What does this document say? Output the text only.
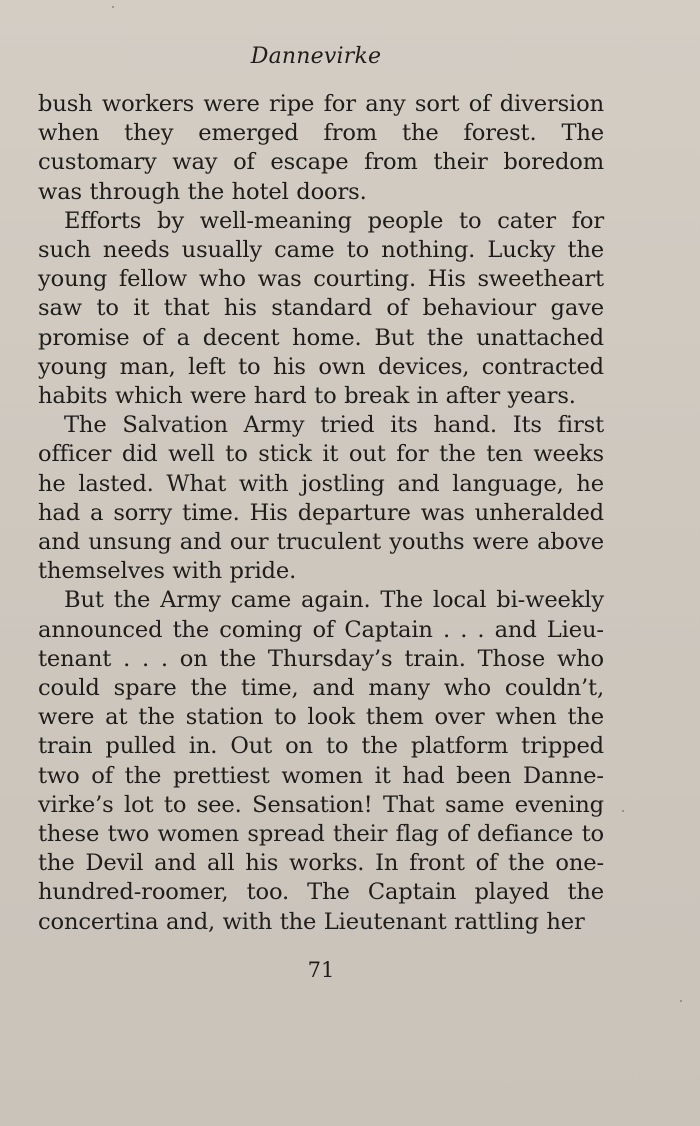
Dannevirke

bush workers were ripe for any sort of diversion when they emerged from the forest. The customary way of escape from their boredom was through the hotel doors.

Efforts by well-meaning people to cater for such needs usually came to nothing. Lucky the young fellow who was courting. His sweetheart saw to it that his standard of behaviour gave promise of a decent home. But the unattached young man, left to his own devices, contracted habits which were hard to break in after years.

The Salvation Army tried its hand. Its first officer did well to stick it out for the ten weeks he lasted. What with jostling and language, he had a sorry time. His departure was unheralded and unsung and our truculent youths were above themselves with pride.

But the Army came again. The local bi-weekly announced the coming of Captain . . . and Lieutenant . . . on the Thursday’s train. Those who could spare the time, and many who couldn’t, were at the station to look them over when the train pulled in. Out on to the platform tripped two of the prettiest women it had been Dannevirke’s lot to see. Sensation! That same evening these two women spread their flag of defiance to the Devil and all his works. In front of the one-hundred-roomer, too. The Captain played the concertina and, with the Lieutenant rattling her

71
